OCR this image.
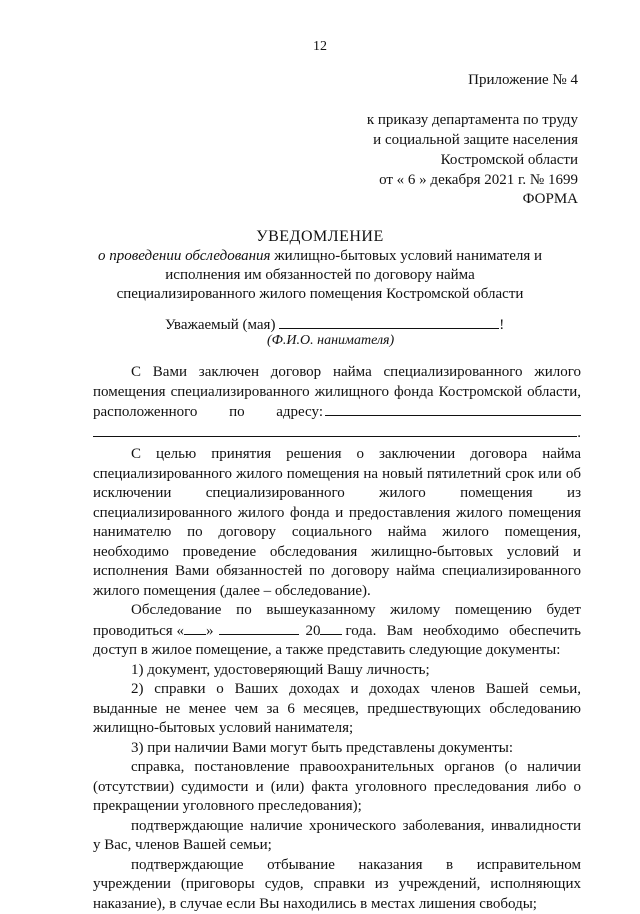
12
Приложение № 4
к приказу департамента по труду
и социальной защите населения
Костромской области
от « 6 » декабря 2021 г. № 1699
ФОРМА
УВЕДОМЛЕНИЕ
о проведении обследования жилищно-бытовых условий нанимателя и исполнения им обязанностей по договору найма специализированного жилого помещения Костромской области
Уважаемый (мая)	!
(Ф.И.О. нанимателя)

С Вами заключен договор найма специализированного жилого
помещения специализированного жилищного фонда Костромской области,
расположенного по адресу:
.

С целью принятия решения о заключении договора найма специализированного жилого помещения на новый пятилетний срок или об исключении специализированного жилого помещения из специализированного жилого фонда и предоставления жилого помещения нанимателю по договору социального найма жилого помещения, необходимо проведение обследования жилищно-бытовых условий и исполнения Вами обязанностей по договору найма специализированного жилого помещения (далее – обследование).

Обследование по вышеуказанному жилому помещению будет
проводиться « »	20 года. Вам необходимо обеспечить
доступ в жилое помещение, а также представить следующие документы:

1) документ, удостоверяющий Вашу личность;

2) справки о Ваших доходах и доходах членов Вашей семьи, выданные не менее чем за 6 месяцев, предшествующих обследованию жилищно-бытовых условий нанимателя;

3) при наличии Вами могут быть представлены документы:

справка, постановление правоохранительных органов (о наличии (отсутствии) судимости и (или) факта уголовного преследования либо о прекращении уголовного преследования);

подтверждающие наличие хронического заболевания, инвалидности у Вас, членов Вашей семьи;

подтверждающие отбывание наказания в исправительном учреждении (приговоры судов, справки из учреждений, исполняющих наказание), в случае если Вы находились в местах лишения свободы;
